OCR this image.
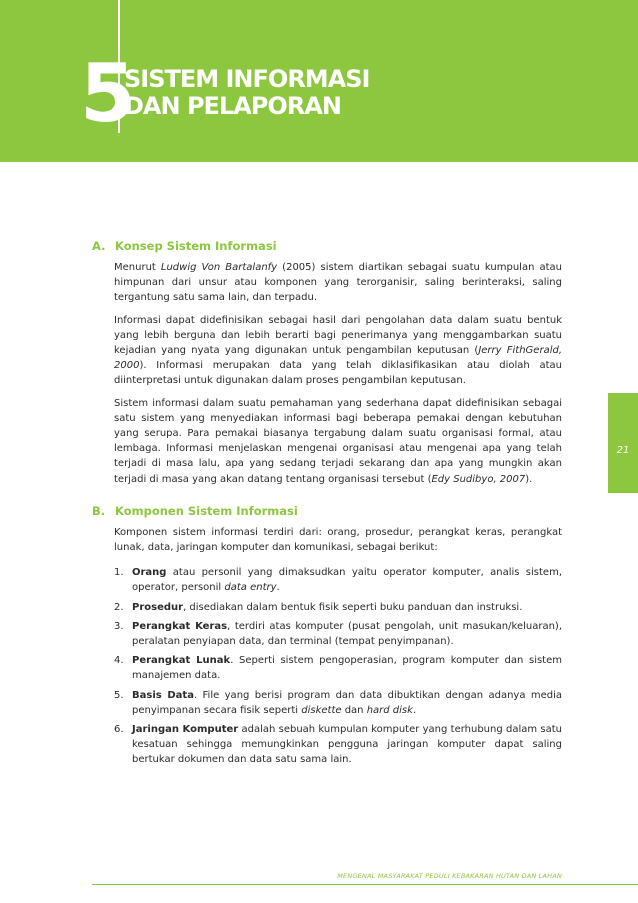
5
SISTEM INFORMASI
DAN PELAPORAN
21
A. Konsep Sistem Informasi

Menurut Ludwig Von Bartalanfy (2005) sistem diartikan sebagai suatu kumpulan atau himpunan dari unsur atau komponen yang terorganisir, saling berinteraksi, saling tergantung satu sama lain, dan terpadu.

Informasi dapat didefinisikan sebagai hasil dari pengolahan data dalam suatu bentuk yang lebih berguna dan lebih berarti bagi penerimanya yang menggambarkan suatu kejadian yang nyata yang digunakan untuk pengambilan keputusan (Jerry FithGerald, 2000). Informasi merupakan data yang telah diklasifikasikan atau diolah atau diinterpretasi untuk digunakan dalam proses pengambilan keputusan.

Sistem informasi dalam suatu pemahaman yang sederhana dapat didefinisikan sebagai satu sistem yang menyediakan informasi bagi beberapa pemakai dengan kebutuhan yang serupa. Para pemakai biasanya tergabung dalam suatu organisasi formal, atau lembaga. Informasi menjelaskan mengenai organisasi atau mengenai apa yang telah terjadi di masa lalu, apa yang sedang terjadi sekarang dan apa yang mungkin akan terjadi di masa yang akan datang tentang organisasi tersebut (Edy Sudibyo, 2007).

B. Komponen Sistem Informasi

Komponen sistem informasi terdiri dari: orang, prosedur, perangkat keras, perangkat lunak, data, jaringan komputer dan komunikasi, sebagai berikut:

1. Orang atau personil yang dimaksudkan yaitu operator komputer, analis sistem, operator, personil data entry.
2. Prosedur, disediakan dalam bentuk fisik seperti buku panduan dan instruksi.
3. Perangkat Keras, terdiri atas komputer (pusat pengolah, unit masukan/keluaran), peralatan penyiapan data, dan terminal (tempat penyimpanan).
4. Perangkat Lunak. Seperti sistem pengoperasian, program komputer dan sistem manajemen data.
5. Basis Data. File yang berisi program dan data dibuktikan dengan adanya media penyimpanan secara fisik seperti diskette dan hard disk.
6. Jaringan Komputer adalah sebuah kumpulan komputer yang terhubung dalam satu kesatuan sehingga memungkinkan pengguna jaringan komputer dapat saling bertukar dokumen dan data satu sama lain.
MENGENAL MASYARAKAT PEDULI KEBAKARAN HUTAN DAN LAHAN
